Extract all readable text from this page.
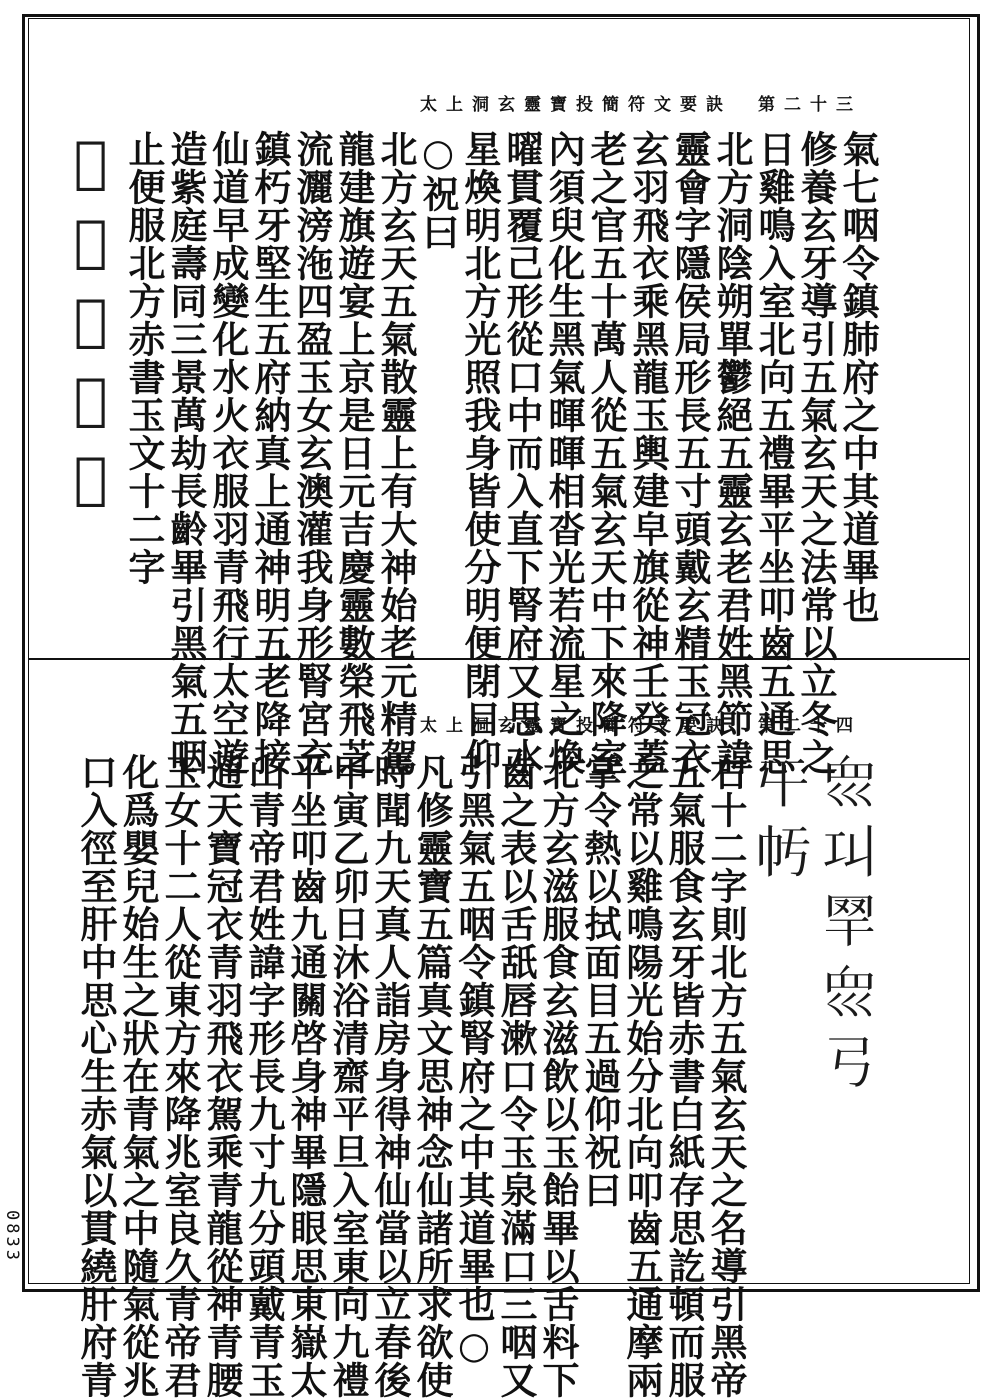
太上洞玄靈寶投簡符文要訣　第二十三
氣七咽令鎮肺府之中其道畢也
修養玄牙導引五氣玄天之法常以立冬之
日雞鳴入室北向五禮畢平坐叩齒五通思
北方洞陰朔單鬱絕五靈玄老君姓黑節諱
靈會字隱侯局形長五寸頭戴玄精玉冠衣
玄羽飛衣乘黑龍玉輿建皁旗從神壬癸蓋
老之官五十萬人從五氣玄天中下來降室
內須臾化生黑氣暉暉相沓光若流星之煥
曜貫覆己形從口中而入直下腎府又思水
星煥明北方光照我身皆使分明便閉目仰
○祝曰
北方玄天五氣散靈上有大神始老元精駕
龍建旗遊宴上京是日元吉慶靈數榮飛芝
流灑滂沲四盈玉女玄澳灌我身形腎宮充
鎮朽牙堅生五府納真上通神明五老降接
仙道早成變化水火衣服羽青飛行太空遊
造紫庭壽同三景萬劫長齡畢引黑氣五咽
止便服北方赤書玉文十二字
𡿀嵩𢀙𦉻𢁗
太上洞玄靈寶投簡符文要訣　第二十四
𡿻𢀙𦉻𡿻𢎗
𡕒𢁢
右十二字則北方五氣玄天之名導引黑帝
五氣服食玄牙皆赤書白紙存思訖頓而服
之常以雞鳴陽光始分北向叩齒五通摩兩
掌令熱以拭面目五過仰祝曰
北方玄滋服食玄滋飲以玉飴畢以舌料下
齒之表以舌舐唇漱口令玉泉滿口三咽又
引黑氣五咽令鎮腎府之中其道畢也○
凡修靈寶五篇真文思神念仙諸所求欲使
時聞九天真人詣房身得神仙當以立春後
甲寅乙卯日沐浴清齋平旦入室東向九禮
平坐叩齒九通關啓身神畢隱眼思東嶽太
山青帝君姓諱字形長九寸九分頭戴青玉
通天寶冠衣青羽飛衣駕乘青龍從神青腰
玉女十二人從東方來降兆室良久青帝君
化爲嬰兒始生之狀在青氣之中隨氣從兆
口入徑至肝中思心生赤氣以貫繞肝府青
0833
